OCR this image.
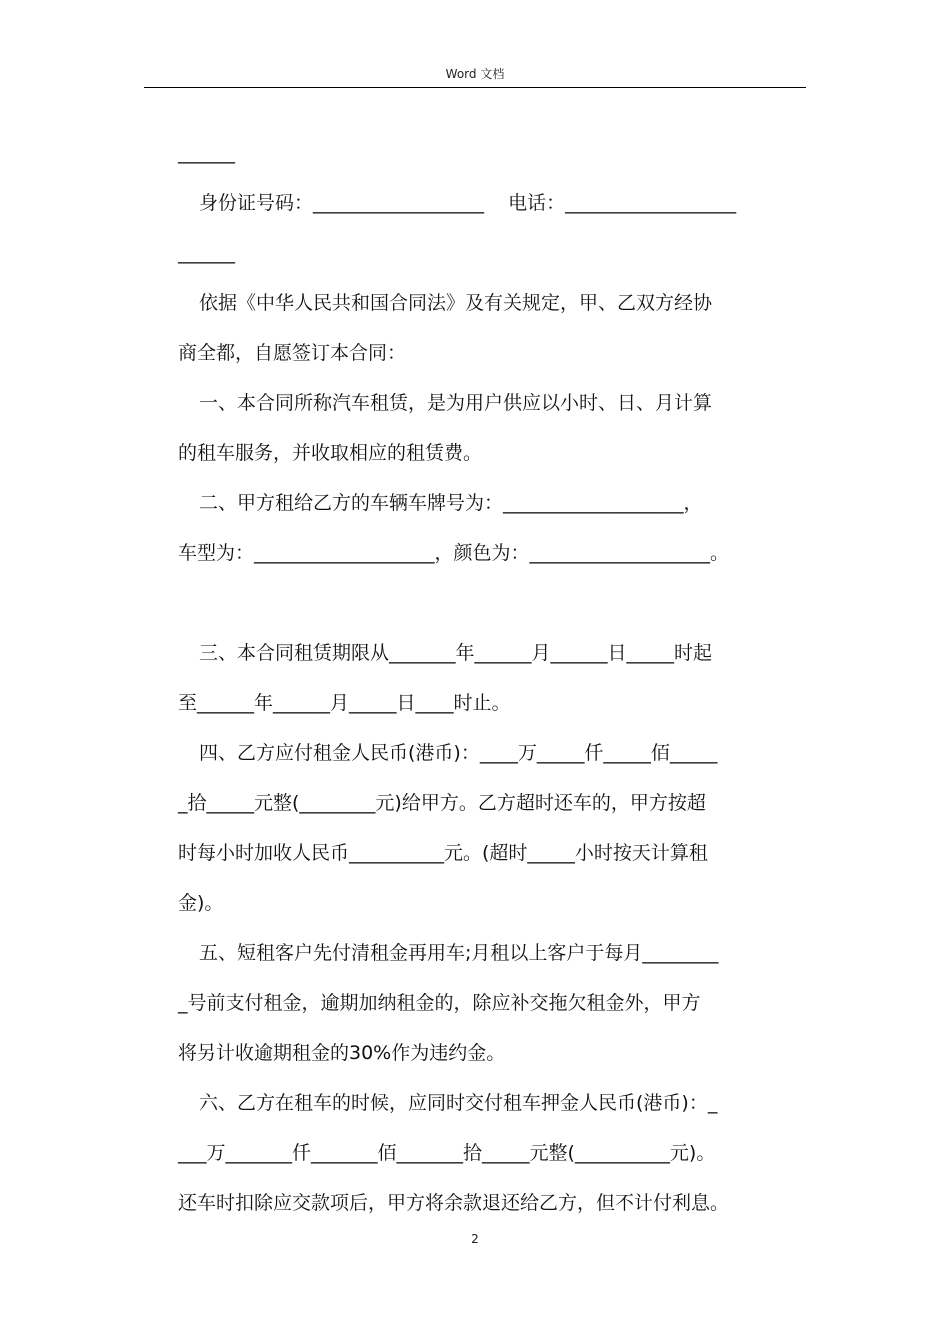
Word 文档
______
身份证号码：__________________    电话：__________________
______
依据《中华人民共和国合同法》及有关规定，甲、乙双方经协
商全都，自愿签订本合同：
一、本合同所称汽车租赁，是为用户供应以小时、日、月计算
的租车服务，并收取相应的租赁费。
二、甲方租给乙方的车辆车牌号为：___________________，
车型为：___________________，颜色为：___________________。
三、本合同租赁期限从_______年______月______日_____时起
至______年______月_____日____时止。
四、乙方应付租金人民币(港币)：____万_____仟_____佰_____
_拾_____元整(________元)给甲方。乙方超时还车的，甲方按超
时每小时加收人民币__________元。(超时_____小时按天计算租
金)。
五、短租客户先付清租金再用车;月租以上客户于每月________
_号前支付租金，逾期加纳租金的，除应补交拖欠租金外，甲方
将另计收逾期租金的30%作为违约金。
六、乙方在租车的时候，应同时交付租车押金人民币(港币)：_
___万_______仟_______佰_______拾_____元整(__________元)。
还车时扣除应交款项后，甲方将余款退还给乙方，但不计付利息。
2
